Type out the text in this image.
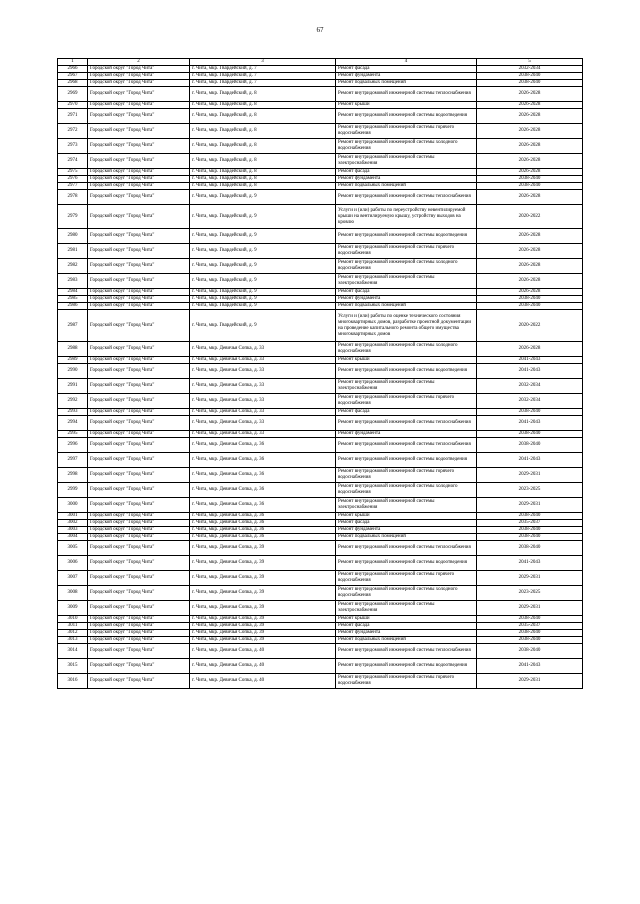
67
1	2	3	4	5
2966	Городской округ "Город Чита"	г. Чита, мкр. Гвардейский, д. 7	Ремонт фасада	2032-2034
2967	Городской округ "Город Чита"	г. Чита, мкр. Гвардейский, д. 7	Ремонт фундамента	2038-2040
2968	Городской округ "Город Чита"	г. Чита, мкр. Гвардейский, д. 7	Ремонт подвальных помещений	2038-2040
2969	Городской округ "Город Чита"	г. Чита, мкр. Гвардейский, д. 8	Ремонт внутридомовой инженерной системы теплоснабжения	2026-2028
2970	Городской округ "Город Чита"	г. Чита, мкр. Гвардейский, д. 8	Ремонт крыши	2026-2028
2971	Городской округ "Город Чита"	г. Чита, мкр. Гвардейский, д. 8	Ремонт внутридомовой инженерной системы водоотведения	2026-2028
2972	Городской округ "Город Чита"	г. Чита, мкр. Гвардейский, д. 8	Ремонт внутридомовой инженерной системы горячего водоснабжения	2026-2028
2973	Городской округ "Город Чита"	г. Чита, мкр. Гвардейский, д. 8	Ремонт внутридомовой инженерной системы холодного водоснабжения	2026-2028
2974	Городской округ "Город Чита"	г. Чита, мкр. Гвардейский, д. 8	Ремонт внутридомовой инженерной системы электроснабжения	2026-2028
2975	Городской округ "Город Чита"	г. Чита, мкр. Гвардейский, д. 8	Ремонт фасада	2026-2028
2976	Городской округ "Город Чита"	г. Чита, мкр. Гвардейский, д. 8	Ремонт фундамента	2038-2040
2977	Городской округ "Город Чита"	г. Чита, мкр. Гвардейский, д. 8	Ремонт подвальных помещений	2038-2040
2978	Городской округ "Город Чита"	г. Чита, мкр. Гвардейский, д. 9	Ремонт внутридомовой инженерной системы теплоснабжения	2026-2028
2979	Городской округ "Город Чита"	г. Чита, мкр. Гвардейский, д. 9	Услуги и (или) работы по переустройству невентилируемой крыши на вентилируемую крышу, устройству выходов на кровлю	2020-2022
2980	Городской округ "Город Чита"	г. Чита, мкр. Гвардейский, д. 9	Ремонт внутридомовой инженерной системы водоотведения	2026-2028
2981	Городской округ "Город Чита"	г. Чита, мкр. Гвардейский, д. 9	Ремонт внутридомовой инженерной системы горячего водоснабжения	2026-2028
2982	Городской округ "Город Чита"	г. Чита, мкр. Гвардейский, д. 9	Ремонт внутридомовой инженерной системы холодного водоснабжения	2026-2028
2983	Городской округ "Город Чита"	г. Чита, мкр. Гвардейский, д. 9	Ремонт внутридомовой инженерной системы электроснабжения	2026-2028
2984	Городской округ "Город Чита"	г. Чита, мкр. Гвардейский, д. 9	Ремонт фасада	2026-2028
2985	Городской округ "Город Чита"	г. Чита, мкр. Гвардейский, д. 9	Ремонт фундамента	2038-2040
2986	Городской округ "Город Чита"	г. Чита, мкр. Гвардейский, д. 9	Ремонт подвальных помещений	2038-2040
2987	Городской округ "Город Чита"	г. Чита, мкр. Гвардейский, д. 9	Услуги и (или) работы по оценке технического состояния многоквартирных домов, разработке проектной документации на проведение капитального ремонта общего имущества многоквартирных домов	2020-2022
2988	Городской округ "Город Чита"	г. Чита, мкр. Девичья Сопка, д. 33	Ремонт внутридомовой инженерной системы холодного водоснабжения	2026-2028
2989	Городской округ "Город Чита"	г. Чита, мкр. Девичья Сопка, д. 33	Ремонт крыши	2041-2043
2990	Городской округ "Город Чита"	г. Чита, мкр. Девичья Сопка, д. 33	Ремонт внутридомовой инженерной системы водоотведения	2041-2043
2991	Городской округ "Город Чита"	г. Чита, мкр. Девичья Сопка, д. 33	Ремонт внутридомовой инженерной системы электроснабжения	2032-2034
2992	Городской округ "Город Чита"	г. Чита, мкр. Девичья Сопка, д. 33	Ремонт внутридомовой инженерной системы горячего водоснабжения	2032-2034
2993	Городской округ "Город Чита"	г. Чита, мкр. Девичья Сопка, д. 33	Ремонт фасада	2038-2040
2994	Городской округ "Город Чита"	г. Чита, мкр. Девичья Сопка, д. 33	Ремонт внутридомовой инженерной системы теплоснабжения	2041-2043
2995	Городской округ "Город Чита"	г. Чита, мкр. Девичья Сопка, д. 33	Ремонт фундамента	2038-2040
2996	Городской округ "Город Чита"	г. Чита, мкр. Девичья Сопка, д. 36	Ремонт внутридомовой инженерной системы теплоснабжения	2038-2040
2997	Городской округ "Город Чита"	г. Чита, мкр. Девичья Сопка, д. 36	Ремонт внутридомовой инженерной системы водоотведения	2041-2043
2998	Городской округ "Город Чита"	г. Чита, мкр. Девичья Сопка, д. 36	Ремонт внутридомовой инженерной системы горячего водоснабжения	2029-2031
2999	Городской округ "Город Чита"	г. Чита, мкр. Девичья Сопка, д. 36	Ремонт внутридомовой инженерной системы холодного водоснабжения	2023-2025
3000	Городской округ "Город Чита"	г. Чита, мкр. Девичья Сопка, д. 36	Ремонт внутридомовой инженерной системы электроснабжения	2029-2031
3001	Городской округ "Город Чита"	г. Чита, мкр. Девичья Сопка, д. 36	Ремонт крыши	2038-2040
3002	Городской округ "Город Чита"	г. Чита, мкр. Девичья Сопка, д. 36	Ремонт фасада	2035-2037
3003	Городской округ "Город Чита"	г. Чита, мкр. Девичья Сопка, д. 36	Ремонт фундамента	2038-2040
3004	Городской округ "Город Чита"	г. Чита, мкр. Девичья Сопка, д. 36	Ремонт подвальных помещений	2038-2040
3005	Городской округ "Город Чита"	г. Чита, мкр. Девичья Сопка, д. 39	Ремонт внутридомовой инженерной системы теплоснабжения	2038-2040
3006	Городской округ "Город Чита"	г. Чита, мкр. Девичья Сопка, д. 39	Ремонт внутридомовой инженерной системы водоотведения	2041-2043
3007	Городской округ "Город Чита"	г. Чита, мкр. Девичья Сопка, д. 39	Ремонт внутридомовой инженерной системы горячего водоснабжения	2029-2031
3008	Городской округ "Город Чита"	г. Чита, мкр. Девичья Сопка, д. 39	Ремонт внутридомовой инженерной системы холодного водоснабжения	2023-2025
3009	Городской округ "Город Чита"	г. Чита, мкр. Девичья Сопка, д. 39	Ремонт внутридомовой инженерной системы электроснабжения	2029-2031
3010	Городской округ "Город Чита"	г. Чита, мкр. Девичья Сопка, д. 39	Ремонт крыши	2038-2040
3011	Городской округ "Город Чита"	г. Чита, мкр. Девичья Сопка, д. 39	Ремонт фасада	2035-2037
3012	Городской округ "Город Чита"	г. Чита, мкр. Девичья Сопка, д. 39	Ремонт фундамента	2038-2040
3013	Городской округ "Город Чита"	г. Чита, мкр. Девичья Сопка, д. 39	Ремонт подвальных помещений	2038-2040
3014	Городской округ "Город Чита"	г. Чита, мкр. Девичья Сопка, д. 40	Ремонт внутридомовой инженерной системы теплоснабжения	2038-2040
3015	Городской округ "Город Чита"	г. Чита, мкр. Девичья Сопка, д. 40	Ремонт внутридомовой инженерной системы водоотведения	2041-2043
3016	Городской округ "Город Чита"	г. Чита, мкр. Девичья Сопка, д. 40	Ремонт внутридомовой инженерной системы горячего водоснабжения	2029-2031
